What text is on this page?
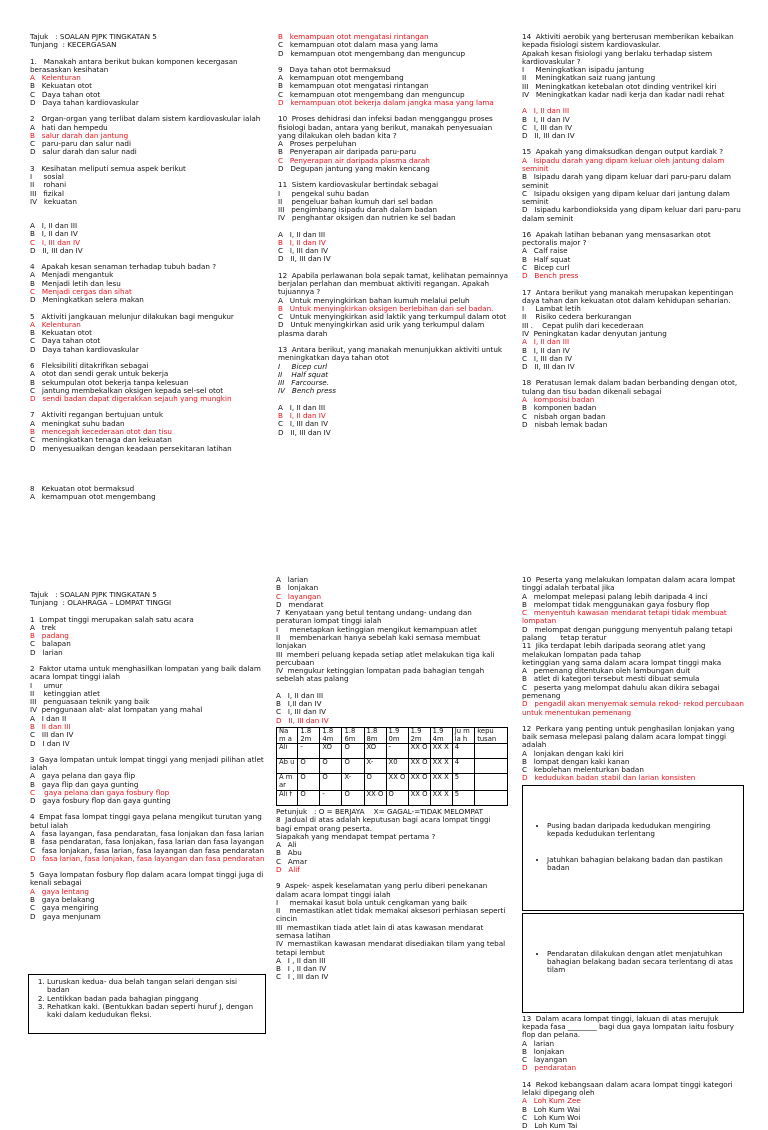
Tajuk   : SOALAN PJPK TINGKATAN 5
Tunjang  : KECERGASAN
1.   Manakah antara berikut bukan komponen kecergasan berasaskan kesihatan
A   Kelenturan
B   Kekuatan otot
C   Daya tahan otot
D   Daya tahan kardiovaskular
2   Organ-organ yang terlibat dalam sistem kardiovaskular ialah
A   hati dan hempedu
B   salur darah dan jantung
C   paru-paru dan salur nadi
D   salur darah dan salur nadi
3   Kesihatan meliputi semua aspek berikut
I     sosial
II    rohani
III   fizikal
IV   kekuatan
A   I, II dan III
B   I, II dan IV
C   I, III dan IV
D   II, III dan IV
4   Apakah kesan senaman terhadap tubuh badan ?
A   Menjadi mengantuk
B   Menjadi letih dan lesu
C   Menjadi cergas dan sihat
D   Meningkatkan selera makan
5   Aktiviti jangkauan melunjur dilakukan bagi mengukur
A   Kelenturan
B   Kekuatan otot
C   Daya tahan otot
D   Daya tahan kardiovaskular
6   Fleksibiliti ditakrifkan sebagai
A   otot dan sendi gerak untuk bekerja
B   sekumpulan otot bekerja tanpa kelesuan
C   jantung membekalkan oksigen kepada sel-sel otot
D   sendi badan dapat digerakkan sejauh yang mungkin
7   Aktiviti regangan bertujuan untuk
A   meningkat suhu badan
B   mencegah kecederaan otot dan tisu
C   meningkatkan tenaga dan kekuatan
D   menyesuaikan dengan keadaan persekitaran latihan
8   Kekuatan otot bermaksud
A   kemampuan otot mengembang
B   kemampuan otot mengatasi rintangan
C   kemampuan otot dalam masa yang lama
D   kemampuan otot mengembang dan menguncup
9   Daya tahan otot bermaksud
A   kemampuan otot mengembang
B   kemampuan otot mengatasi rintangan
C   kemampuan otot mengembang dan menguncup
D   kemampuan otot bekerja dalam jangka masa yang lama
10  Proses dehidrasi dan infeksi badan mengganggu proses fisiologi badan, antara yang berikut, manakah penyesuaian yang dilakukan oleh badan kita ?
A   Proses perpeluhan
B   Penyerapan air daripada paru-paru
C   Penyerapan air daripada plasma darah
D   Degupan jantung yang makin kencang
11  Sistem kardiovaskular bertindak sebagai
I     pengekal suhu badan
II    pengeluar bahan kumuh dari sel badan
III   pengimbang isipadu darah dalam badan
IV   penghantar oksigen dan nutrien ke sel badan
A   I, II dan III
B   I, II dan IV
C   I, III dan IV
D   II, III dan IV
12  Apabila perlawanan bola sepak tamat, kelihatan pemainnya berjalan perlahan dan membuat aktiviti regangan. Apakah tujuannya ?
A   Untuk menyingkirkan bahan kumuh melalui peluh
B   Untuk menyingkirkan oksigen berlebihan dari sel badan.
C   Untuk menyingkirkan asid laktik yang terkumpul dalam otot
D   Untuk menyingkirkan asid urik yang terkumpul dalam plasma darah
13  Antara berikut, yang manakah menunjukkan aktiviti untuk meningkatkan daya tahan otot
I     Bicep curl
II    Half squat
III   Farcourse.
IV   Bench press
A   I, II dan III
B   I, II dan IV
C   I, III dan IV
D   II, III dan IV
14  Aktiviti aerobik yang berterusan memberikan kebaikan kepada fisiologi sistem kardiovaskular.
Apakah kesan fisiologi yang berlaku terhadap sistem kardiovaskular ?
I     Meningkatkan isipadu jantung
II    Meningkatkan saiz ruang jantung
III   Meningkatkan ketebalan otot dinding ventrikel kiri
IV   Meningkatkan kadar nadi kerja dan kadar nadi rehat
A   I, II dan III
B   I, II dan IV
C   I, III dan IV
D   II, III dan IV
15  Apakah yang dimaksudkan dengan output kardiak ?
A   Isipadu darah yang dipam keluar oleh jantung dalam seminit
B   Isipadu darah yang dipam keluar dari paru-paru dalam seminit
C   Isipadu oksigen yang dipam keluar dari jantung dalam seminit
D   Isipadu karbondioksida yang dipam keluar dari paru-paru dalam seminit
16  Apakah latihan bebanan yang mensasarkan otot pectoralis major ?
A   Calf raise
B   Half squat
C   Bicep curl
D   Bench press
17  Antara berikut yang manakah merupakan kepentingan daya tahan dan kekuatan otot dalam kehidupan seharian.
I     Lambat letih
II    Risiko cedera berkurangan
III .    Cepat pulih dari kecederaan
IV  Peningkatan kadar denyutan jantung
A   I, II dan III
B   I, II dan IV
C   I, III dan IV
D   II, III dan IV
18  Peratusan lemak dalam badan berbanding dengan otot, tulang dan tisu badan dikenali sebagai
A   komposisi badan
B   komponen badan
C   nisbah organ badan
D   nisbah lemak badan
Tajuk   : SOALAN PJPK TINGKATAN 5
Tunjang  : OLAHRAGA – LOMPAT TINGGI
1  Lompat tinggi merupakan salah satu acara
A   trek
B   padang
C   balapan
D   larian
2  Faktor utama untuk menghasilkan lompatan yang baik dalam acara lompat tinggi ialah
I     umur
II    ketinggian atlet
III   penguasaan teknik yang baik
IV  penggunaan alat- alat lompatan yang mahal
A   I dan II
B   II dan III
C   III dan IV
D   I dan IV
3  Gaya lompatan untuk lompat tinggi yang menjadi pilihan atlet ialah
A   gaya pelana dan gaya flip
B   gaya flip dan gaya gunting
C    gaya pelana dan gaya fosbury flop
D   gaya fosbury flop dan gaya gunting
4  Empat fasa lompat tinggi gaya pelana mengikut turutan yang betul ialah
A   fasa layangan, fasa pendaratan, fasa lonjakan dan fasa larian
B   fasa pendaratan, fasa lonjakan, fasa larian dan fasa layangan
C   fasa lonjakan, fasa larian, fasa layangan dan fasa pendaratan
D   fasa larian, fasa lonjakan, fasa layangan dan fasa pendaratan
5  Gaya lompatan fosbury flop dalam acara lompat tinggi juga di kenali sebagai
A   gaya lentang
B   gaya belakang
C   gaya mengiring
D   gaya menjunam
1. Luruskan kedua- dua belah tangan selari dengan sisi badan
2. Lentikkan badan pada bahagian pinggang
3. Rehatkan kaki. (Bentukkan badan seperti huruf J, dengan kaki dalam kedudukan fleksi.
A   larian
B   lonjakan
C   layangan
D   mendarat
7  Kenyataan yang betul tentang undang- undang dan peraturan lompat tinggi ialah
I     menetapkan ketinggian mengikut kemampuan atlet
II    membenarkan hanya sebelah kaki semasa membuat lonjakan
III  memberi peluang kepada setiap atlet melakukan tiga kali percubaan
IV  mengukur ketinggian lompatan pada bahagian tengah sebelah atas palang
A   I, II dan III
B   I,II dan IV
C   I, III dan IV
D   II, III dan IV
Na m a	1.8 2m	1.8 4m	1.8 6m	1.8 8m	1.9 0m	1.9 2m	1.9 4m	Ju m la h	kepu tusan
Ali	-	XO	O	XO	-	XX O	XX X	4	
Ab u	O	O	O	X-	X0	XX O	XX X	4	
A m ar	O	O	X-	O	XX O	XX O	XX X	5	
Ali f	O	-	O	XX O	O	XX O	XX X	5	
Petunjuk   : O = BERJAYA    X= GAGAL-=TIDAK MELOMPAT
8  Jadual di atas adalah keputusan bagi acara lompat tinggi bagi empat orang peserta.
Siapakah yang mendapat tempat pertama ?
A   Ali
B   Abu
C   Amar
D   Alif
9  Aspek- aspek keselamatan yang perlu diberi penekanan dalam acara lompat tinggi ialah
I     memakai kasut bola untuk cengkaman yang baik
II    memastikan atlet tidak memakai aksesori perhiasan seperti      cincin
III  memastikan tiada atlet lain di atas kawasan mendarat semasa latihan
IV  memastikan kawasan mendarat disediakan tilam yang tebal      tetapi lembut
A   I , II dan III
B   I , II dan IV
C   I , III dan IV
10  Peserta yang melakukan lompatan dalam acara lompat tinggi adalah terbatal jika
A   melompat melepasi palang lebih daripada 4 inci
B   melompat tidak menggunakan gaya fosbury flop
C   menyentuh kawasan mendarat tetapi tidak membuat lompatan
D   melompat dengan punggung menyentuh palang tetapi palang      tetap teratur
11  Jika terdapat lebih daripada seorang atlet yang melakukan lompatan pada tahap
ketinggian yang sama dalam acara lompat tinggi maka
A   pemenang ditentukan oleh lambungan duit
B   atlet di kategori tersebut mesti dibuat semula
C   peserta yang melompat dahulu akan dikira sebagai pemenang
D   pengadil akan menyemak semula rekod- rekod percubaan     untuk menentukan pemenang
12  Perkara yang penting untuk penghasilan lonjakan yang baik semasa melepasi palang dalam acara lompat tinggi adalah
A   lonjakan dengan kaki kiri
B   lompat dengan kaki kanan
C   kebolehan melenturkan badan
D   kedudukan badan stabil dan larian konsisten

• Pusing badan daripada kedudukan mengiring kepada kedudukan terlentang

• Jatuhkan bahagian belakang badan dan pastikan badan

• Pendaratan dilakukan dengan atlet menjatuhkan bahagian belakang badan secara terlentang di atas tilam

13  Dalam acara lompat tinggi, lakuan di atas merujuk kepada fasa ________ bagi dua gaya lompatan iaitu fosbury flop dan pelana.
A   larian
B   lonjakan
C   layangan
D   pendaratan
14  Rekod kebangsaan dalam acara lompat tinggi kategori lelaki dipegang oleh
A   Loh Kum Zee
B   Loh Kum Wai
C   Loh Kum Woi
D   Loh Kum Tai
